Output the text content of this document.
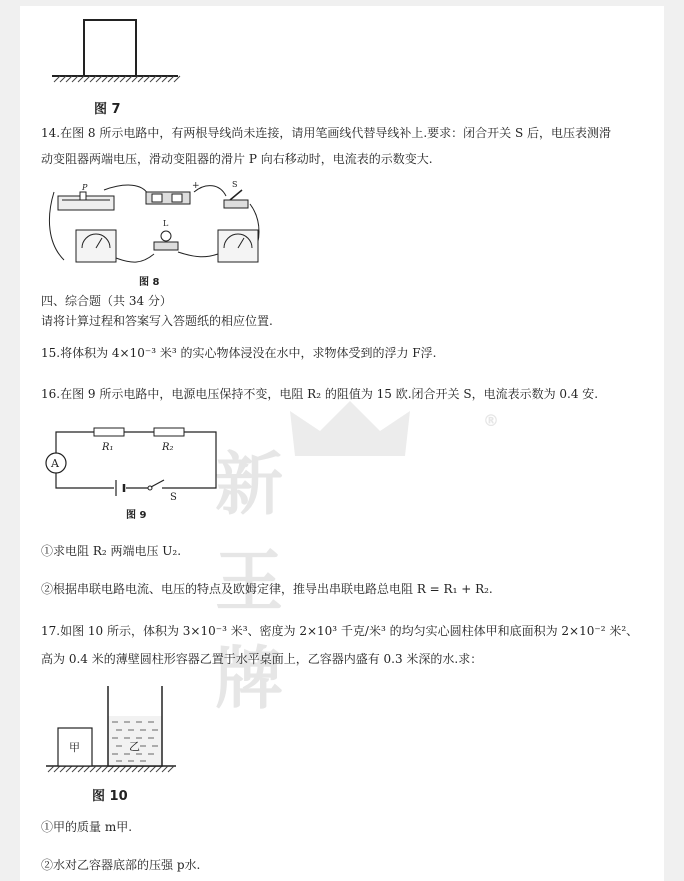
新王牌
®
图 7
14.在图 8 所示电路中，有两根导线尚未连接，请用笔画线代替导线补上.要求：闭合开关 S 后，电压表测滑
动变阻器两端电压，滑动变阻器的滑片 P 向右移动时，电流表的示数变大.
P	+	S
L
图 8
四、综合题（共 34 分）
请将计算过程和答案写入答题纸的相应位置.
15.将体积为 4×10⁻³ 米³ 的实心物体浸没在水中，求物体受到的浮力 F浮.
16.在图 9 所示电路中，电源电压保持不变，电阻 R₂ 的阻值为 15 欧.闭合开关 S，电流表示数为 0.4 安.
A
R₁	R₂
S
图 9
①求电阻 R₂ 两端电压 U₂.
②根据串联电路电流、电压的特点及欧姆定律，推导出串联电路总电阻 R = R₁ + R₂.
17.如图 10 所示，体积为 3×10⁻³ 米³、密度为 2×10³ 千克/米³ 的均匀实心圆柱体甲和底面积为 2×10⁻² 米²、
高为 0.4 米的薄壁圆柱形容器乙置于水平桌面上，乙容器内盛有 0.3 米深的水.求：
甲	乙
图 10
①甲的质量 m甲.
②水对乙容器底部的压强 p水.
